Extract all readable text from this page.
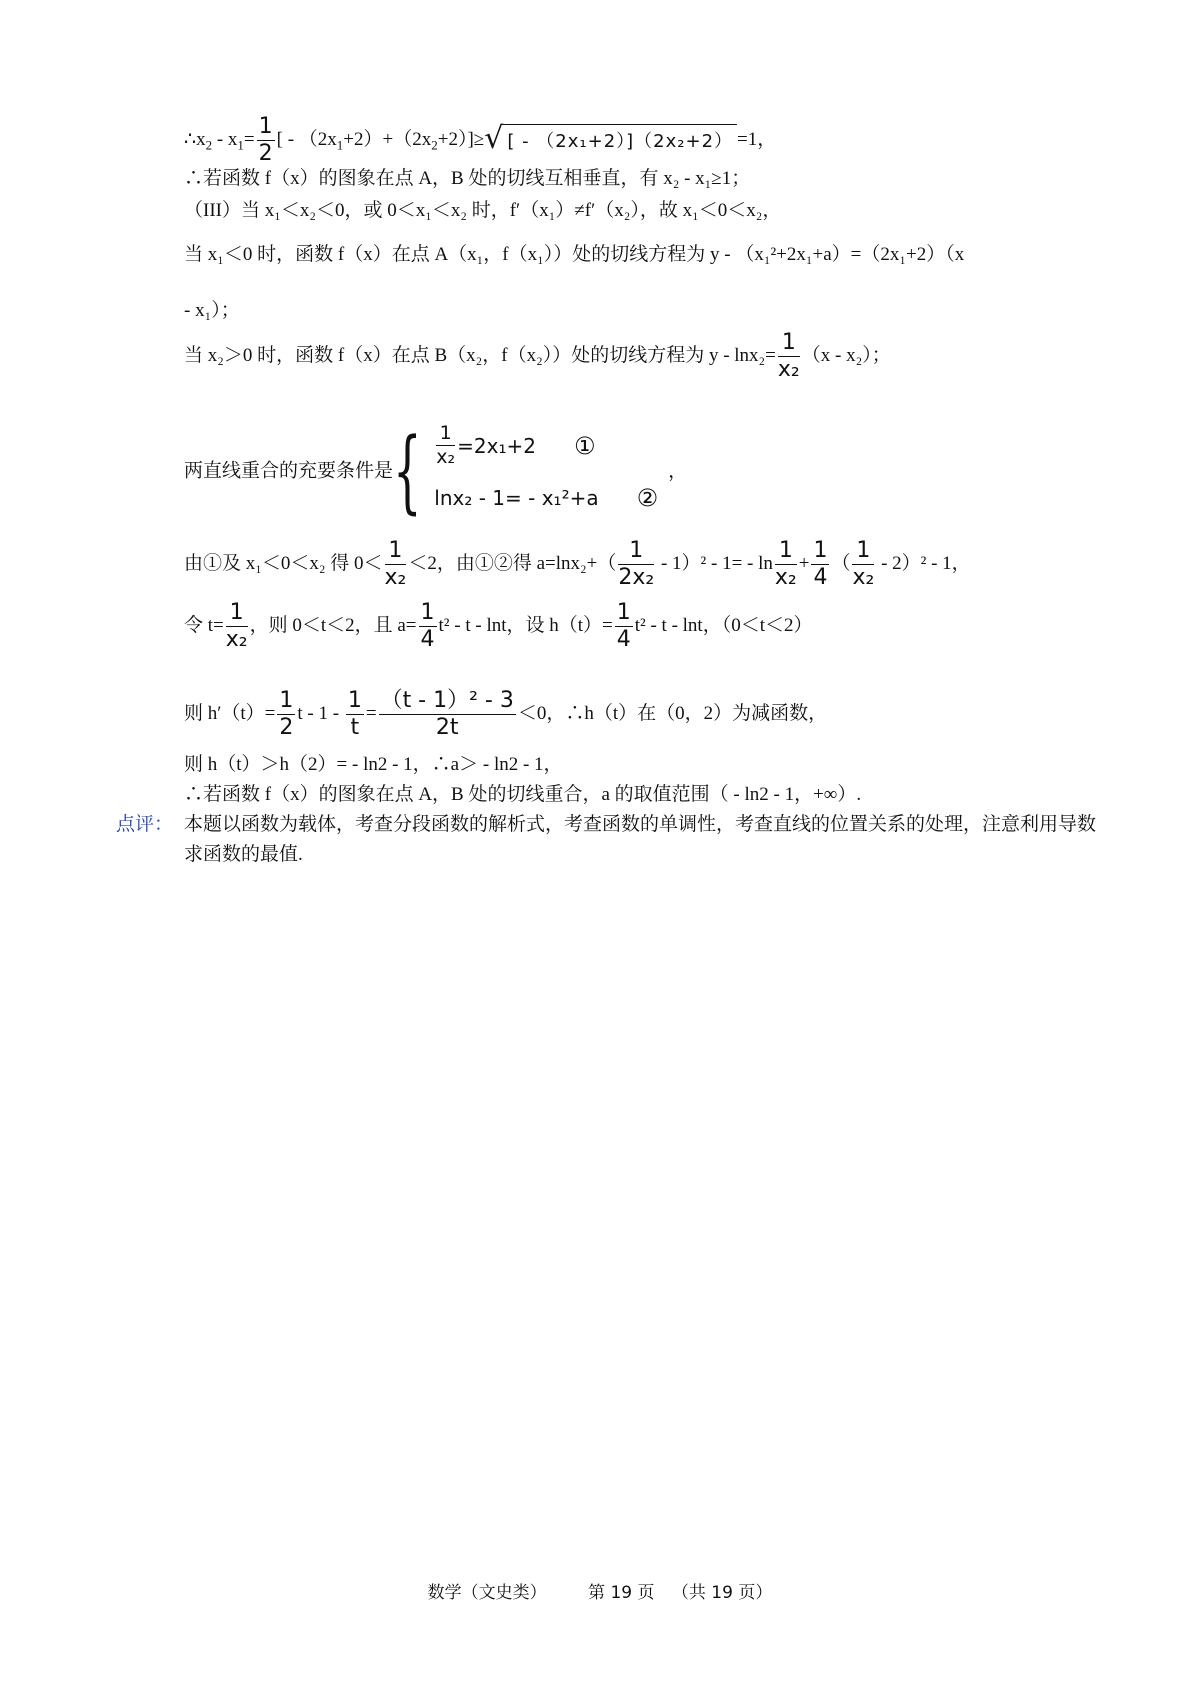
$\therefore x_2 - x_1= \frac{1}{2}$ [ - $(2x_1+2)+(2x_2+2)]\ge$ √ [ - （2x₁+2）]（2x₂+2） =1，
∴若函数 f（x）的图象在点 A，B 处的切线互相垂直，有 x₂ - x₁≥1；
（III）当 x₁＜x₂＜0，或 0＜x₁＜x₂ 时，f′（x₁）≠f′（x₂），故 x₁＜0＜x₂，
当 x₁＜0 时，函数 f（x）在点 A（x₁，f（x₁））处的切线方程为 y - （x₁²+2x₁+a）=（2x₁+2）（x
- x₁）；
当 x₂＞0 时，函数 f（x）在点 B（x₂，f（x₂））处的切线方程为 $y - \ln x_2= \frac{1}{\text{x₂}} (x - x_2)$；
两直线重合的充要条件是{ $\frac{1}{\text{x₂}} =2x_1+2$ ①
lnx₂ - 1= - x₁²+a ②
，
由①及 x₁＜0＜x₂ 得 $0< \frac{1}{\text{x₂}} <2$，由①②得 $a=\ln x_2+( \frac{1}{\text{2x₂}} - 1)^2 - 1= - \ln \frac{1}{\text{x₂}} + \frac{1}{4}$ （ $\frac{1}{\text{x₂}} - 2)^2 - 1$，
令 $t= \frac{1}{\text{x₂}}$ ，则 0＜t＜2，且 $a= \frac{1}{4} t^2 - t - \ln t$，设 $h(t)= \frac{1}{4} t^2 - t - \ln t$，（0＜t＜2）
则 $h'(t)= \frac{1}{2}$ $t - 1 - \frac{1}{t} = \frac{\text{（t - 1）² - 3}}{2t} <0$，∴h（t）在（0，2）为减函数，
则 h（t）＞h（2）= - ln2 - 1，∴a＞ - ln2 - 1，
∴若函数 f（x）的图象在点 A，B 处的切线重合，a 的取值范围（ - ln2 - 1，+∞）.
点评： 本题以函数为载体，考查分段函数的解析式，考查函数的单调性，考查直线的位置关系的处理，注意利用导数求函数的最值.
数学（文史类） 第 19 页 （共 19 页）
